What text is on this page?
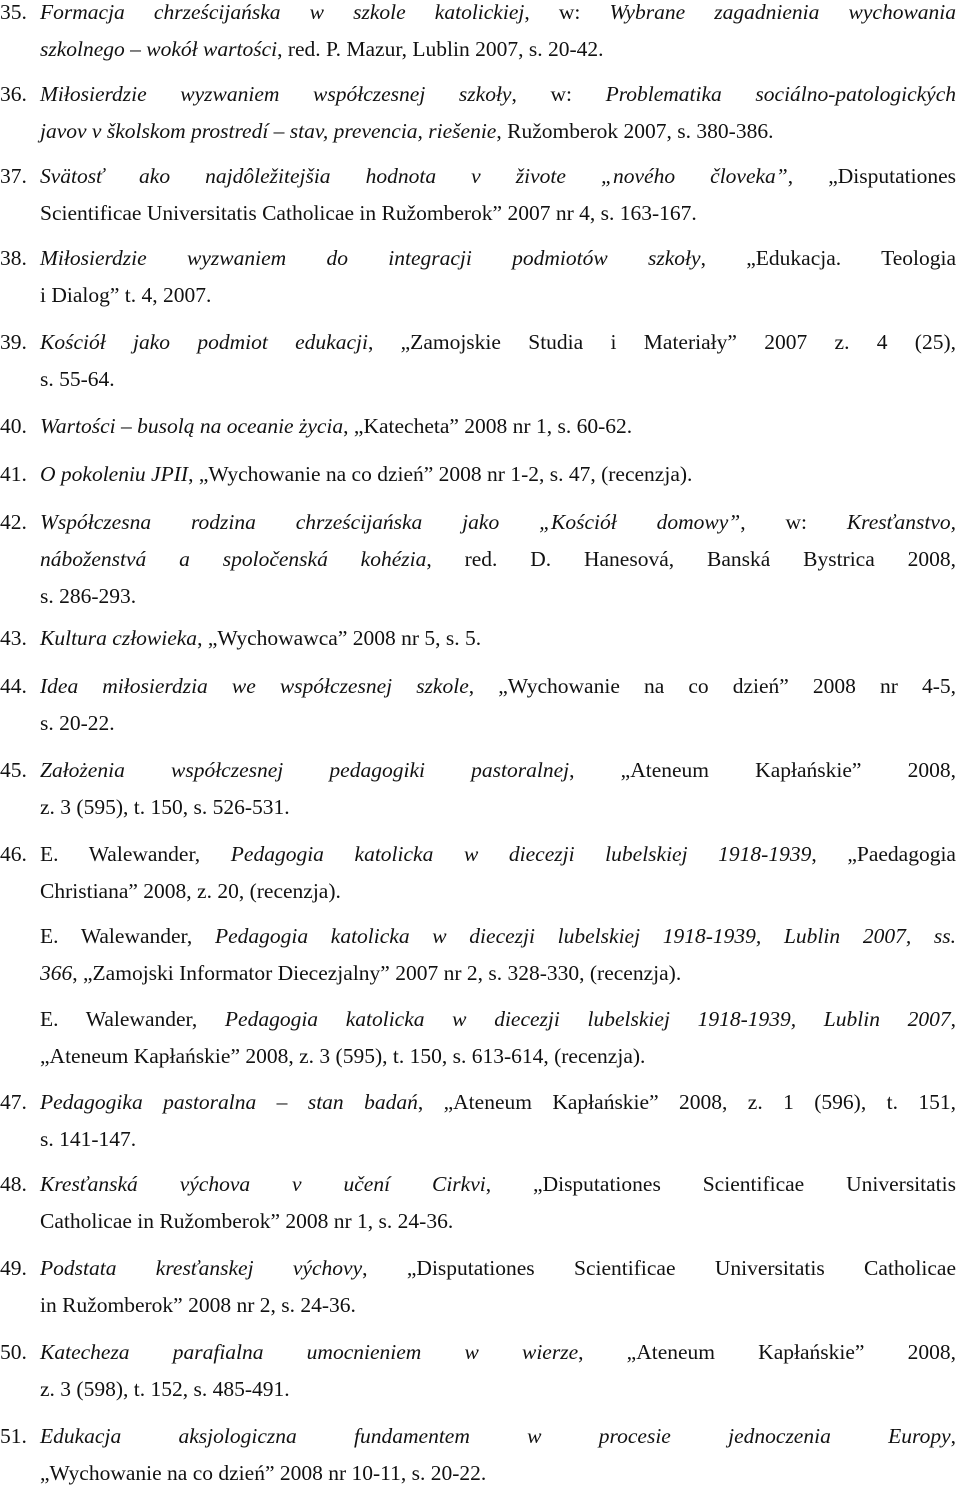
35. Formacja chrześcijańska w szkole katolickiej, w: Wybrane zagadnienia wychowania
szkolnego – wokół wartości, red. P. Mazur, Lublin 2007, s. 20-42.
36. Miłosierdzie wyzwaniem współczesnej szkoły, w: Problematika sociálno-patologických
javov v školskom prostredí – stav, prevencia, riešenie, Ružomberok 2007, s. 380-386.
37. Svätosť ako najdôležitejšia hodnota v živote „nového človeka”, „Disputationes
Scientificae Universitatis Catholicae in Ružomberok” 2007 nr 4, s. 163-167.
38. Miłosierdzie wyzwaniem do integracji podmiotów szkoły, „Edukacja. Teologia
i Dialog” t. 4, 2007.
39. Kościół jako podmiot edukacji, „Zamojskie Studia i Materiały” 2007 z. 4 (25),
s. 55-64.
40. Wartości – busolą na oceanie życia, „Katecheta” 2008 nr 1, s. 60-62.
41. O pokoleniu JPII, „Wychowanie na co dzień” 2008 nr 1-2, s. 47, (recenzja).
42. Współczesna rodzina chrześcijańska jako „Kościół domowy”, w: Kresťanstvo,
náboženstvá a spoločenská kohézia, red. D. Hanesová, Banská Bystrica 2008,
s. 286-293.
43. Kultura człowieka, „Wychowawca” 2008 nr 5, s. 5.
44. Idea miłosierdzia we współczesnej szkole, „Wychowanie na co dzień” 2008 nr 4-5,
s. 20-22.
45. Założenia współczesnej pedagogiki pastoralnej, „Ateneum Kapłańskie” 2008,
z. 3 (595), t. 150, s. 526-531.
46. E. Walewander, Pedagogia katolicka w diecezji lubelskiej 1918-1939, „Paedagogia
Christiana” 2008, z. 20, (recenzja).
E. Walewander, Pedagogia katolicka w diecezji lubelskiej 1918-1939, Lublin 2007, ss.
366, „Zamojski Informator Diecezjalny” 2007 nr 2, s. 328-330, (recenzja).
E. Walewander, Pedagogia katolicka w diecezji lubelskiej 1918-1939, Lublin 2007,
„Ateneum Kapłańskie” 2008, z. 3 (595), t. 150, s. 613-614, (recenzja).
47. Pedagogika pastoralna – stan badań, „Ateneum Kapłańskie” 2008, z. 1 (596), t. 151,
s. 141-147.
48. Kresťanská výchova v učení Cirkvi, „Disputationes Scientificae Universitatis
Catholicae in Ružomberok” 2008 nr 1, s. 24-36.
49. Podstata kresťanskej výchovy, „Disputationes Scientificae Universitatis Catholicae
in Ružomberok” 2008 nr 2, s. 24-36.
50. Katecheza parafialna umocnieniem w wierze, „Ateneum Kapłańskie” 2008,
z. 3 (598), t. 152, s. 485-491.
51. Edukacja aksjologiczna fundamentem w procesie jednoczenia Europy,
„Wychowanie na co dzień” 2008 nr 10-11, s. 20-22.
